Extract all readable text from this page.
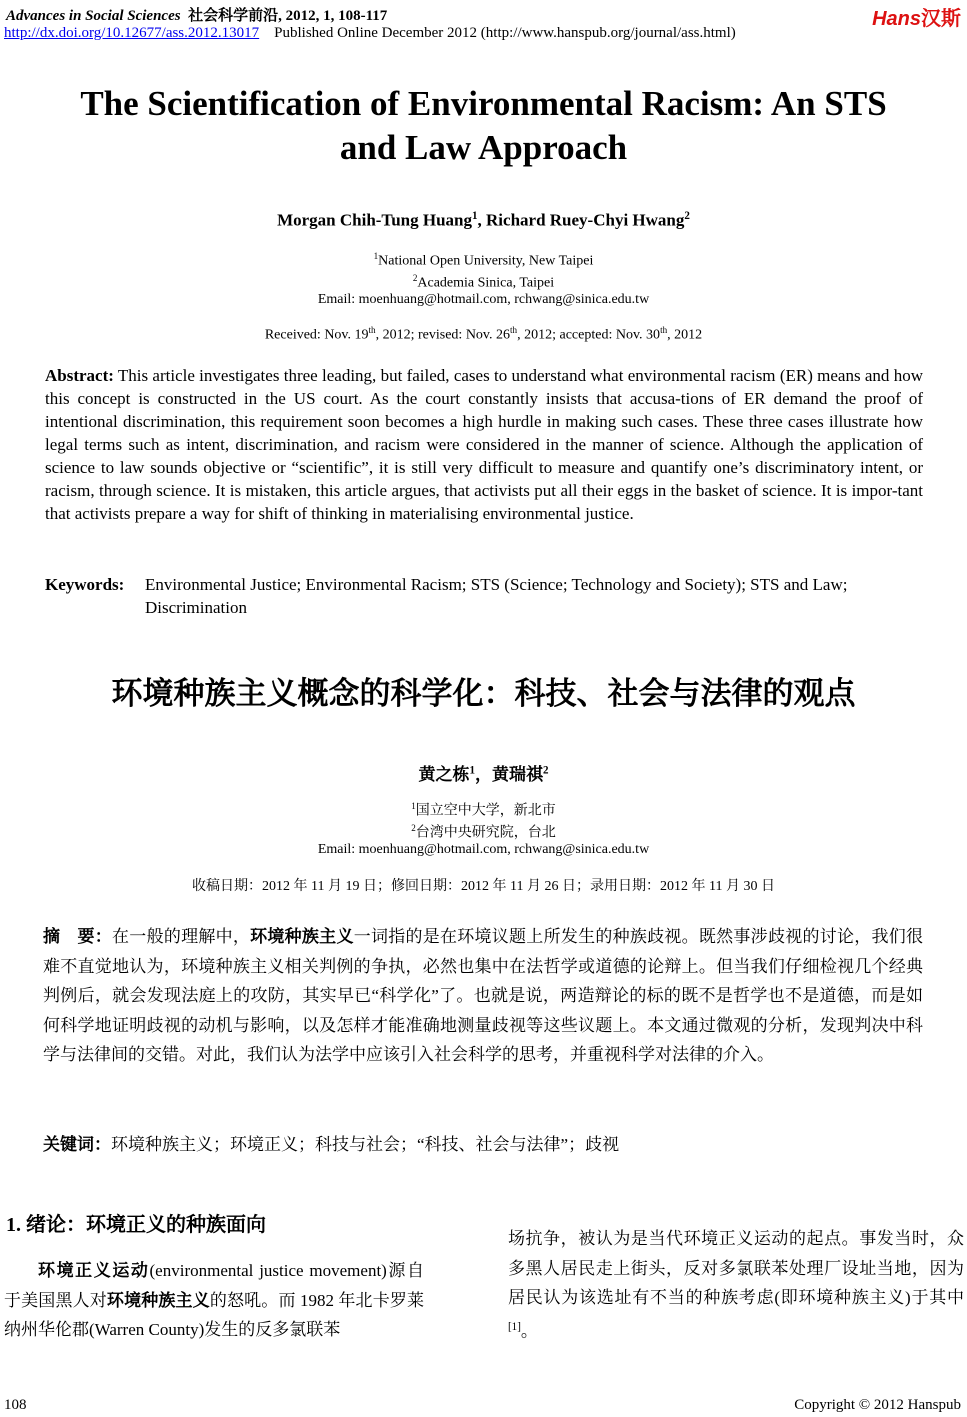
Advances in Social Sciences 社会科学前沿, 2012, 1, 108-117
http://dx.doi.org/10.12677/ass.2012.13017 Published Online December 2012 (http://www.hanspub.org/journal/ass.html)
Hans汉斯
The Scientification of Environmental Racism: An STS
and Law Approach
Morgan Chih-Tung Huang$^1$, Richard Ruey-Chyi Hwang$^2$
$^1$National Open University, New Taipei
$^2$Academia Sinica, Taipei
Email: moenhuang@hotmail.com, rchwang@sinica.edu.tw
Received: Nov. 19th, 2012; revised: Nov. 26th, 2012; accepted: Nov. 30th, 2012
Abstract: This article investigates three leading, but failed, cases to understand what environmental racism (ER) means and how this concept is constructed in the US court. As the court constantly insists that accusa-tions of ER demand the proof of intentional discrimination, this requirement soon becomes a high hurdle in making such cases. These three cases illustrate how legal terms such as intent, discrimination, and racism were considered in the manner of science. Although the application of science to law sounds objective or “scientific”, it is still very difficult to measure and quantify one’s discriminatory intent, or racism, through science. It is mistaken, this article argues, that activists put all their eggs in the basket of science. It is impor-tant that activists prepare a way for shift of thinking in materialising environmental justice.
Keywords: Environmental Justice; Environmental Racism; STS (Science; Technology and Society); STS and Law; Discrimination
环境种族主义概念的科学化：科技、社会与法律的观点
黄之栋$^1$，黄瑞祺$^2$
$^1$国立空中大学，新北市
$^2$台湾中央研究院，台北
Email: moenhuang@hotmail.com, rchwang@sinica.edu.tw
收稿日期：2012 年 11 月 19 日；修回日期：2012 年 11 月 26 日；录用日期：2012 年 11 月 30 日
摘　要：在一般的理解中，环境种族主义一词指的是在环境议题上所发生的种族歧视。既然事涉歧视的讨论，我们很难不直觉地认为，环境种族主义相关判例的争执，必然也集中在法哲学或道德的论辩上。但当我们仔细检视几个经典判例后，就会发现法庭上的攻防，其实早已“科学化”了。也就是说，两造辩论的标的既不是哲学也不是道德，而是如何科学地证明歧视的动机与影响，以及怎样才能准确地测量歧视等这些议题上。本文通过微观的分析，发现判决中科学与法律间的交错。对此，我们认为法学中应该引入社会科学的思考，并重视科学对法律的介入。
关键词：环境种族主义；环境正义；科技与社会；“科技、社会与法律”；歧视
1. 绪论：环境正义的种族面向
环境正义运动(environmental justice movement)源自于美国黑人对环境种族主义的怒吼。而 1982 年北卡罗莱纳州华伦郡(Warren County)发生的反多氯联苯
场抗争，被认为是当代环境正义运动的起点。事发当时，众多黑人居民走上街头，反对多氯联苯处理厂设址当地，因为居民认为该选址有不当的种族考虑(即环境种族主义)于其中[1]。
108	Copyright © 2012 Hanspub
